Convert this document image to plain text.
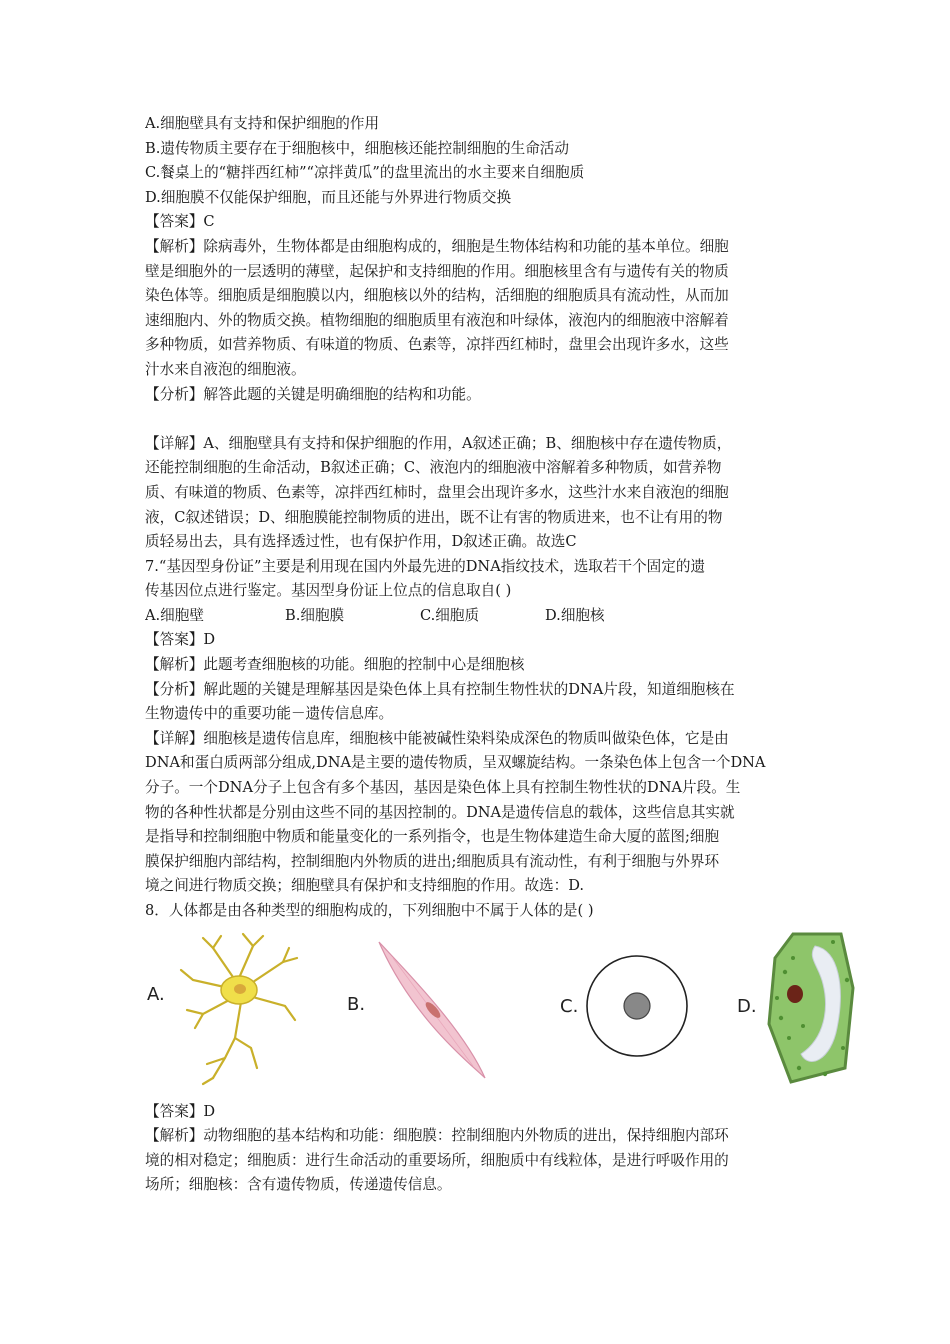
A.细胞壁具有支持和保护细胞的作用
B.遗传物质主要存在于细胞核中，细胞核还能控制细胞的生命活动
C.餐桌上的“糖拌西红柿”“凉拌黄瓜”的盘里流出的水主要来自细胞质
D.细胞膜不仅能保护细胞，而且还能与外界进行物质交换
【答案】C
【解析】除病毒外，生物体都是由细胞构成的，细胞是生物体结构和功能的基本单位。细胞
壁是细胞外的一层透明的薄壁，起保护和支持细胞的作用。细胞核里含有与遗传有关的物质
染色体等。细胞质是细胞膜以内，细胞核以外的结构，活细胞的细胞质具有流动性，从而加
速细胞内、外的物质交换。植物细胞的细胞质里有液泡和叶绿体，液泡内的细胞液中溶解着
多种物质，如营养物质、有味道的物质、色素等，凉拌西红柿时，盘里会出现许多水，这些
汁水来自液泡的细胞液。
【分析】解答此题的关键是明确细胞的结构和功能。
【详解】A、细胞壁具有支持和保护细胞的作用，A叙述正确；B、细胞核中存在遗传物质，
还能控制细胞的生命活动，B叙述正确；C、液泡内的细胞液中溶解着多种物质，如营养物
质、有味道的物质、色素等，凉拌西红柿时，盘里会出现许多水，这些汁水来自液泡的细胞
液，C叙述错误；D、细胞膜能控制物质的进出，既不让有害的物质进来，也不让有用的物
质轻易出去，具有选择透过性，也有保护作用，D叙述正确。故选C
7.“基因型身份证”主要是利用现在国内外最先进的DNA指纹技术，选取若干个固定的遗
传基因位点进行鉴定。基因型身份证上位点的信息取自( )
A.细胞壁	B.细胞膜	C.细胞质	D.细胞核
【答案】D
【解析】此题考查细胞核的功能。细胞的控制中心是细胞核
【分析】解此题的关键是理解基因是染色体上具有控制生物性状的DNA片段，知道细胞核在
生物遗传中的重要功能－遗传信息库。
【详解】细胞核是遗传信息库，细胞核中能被碱性染料染成深色的物质叫做染色体，它是由
DNA和蛋白质两部分组成,DNA是主要的遗传物质，呈双螺旋结构。一条染色体上包含一个DNA
分子。一个DNA分子上包含有多个基因，基因是染色体上具有控制生物性状的DNA片段。生
物的各种性状都是分别由这些不同的基因控制的。DNA是遗传信息的载体，这些信息其实就
是指导和控制细胞中物质和能量变化的一系列指令，也是生物体建造生命大厦的蓝图;细胞
膜保护细胞内部结构，控制细胞内外物质的进出;细胞质具有流动性，有利于细胞与外界环
境之间进行物质交换；细胞壁具有保护和支持细胞的作用。故选：D.
8．人体都是由各种类型的细胞构成的，下列细胞中不属于人体的是( )
A.	B.	C.	D.
【答案】D
【解析】动物细胞的基本结构和功能：细胞膜：控制细胞内外物质的进出，保持细胞内部环
境的相对稳定；细胞质：进行生命活动的重要场所，细胞质中有线粒体，是进行呼吸作用的
场所；细胞核：含有遗传物质，传递遗传信息。
